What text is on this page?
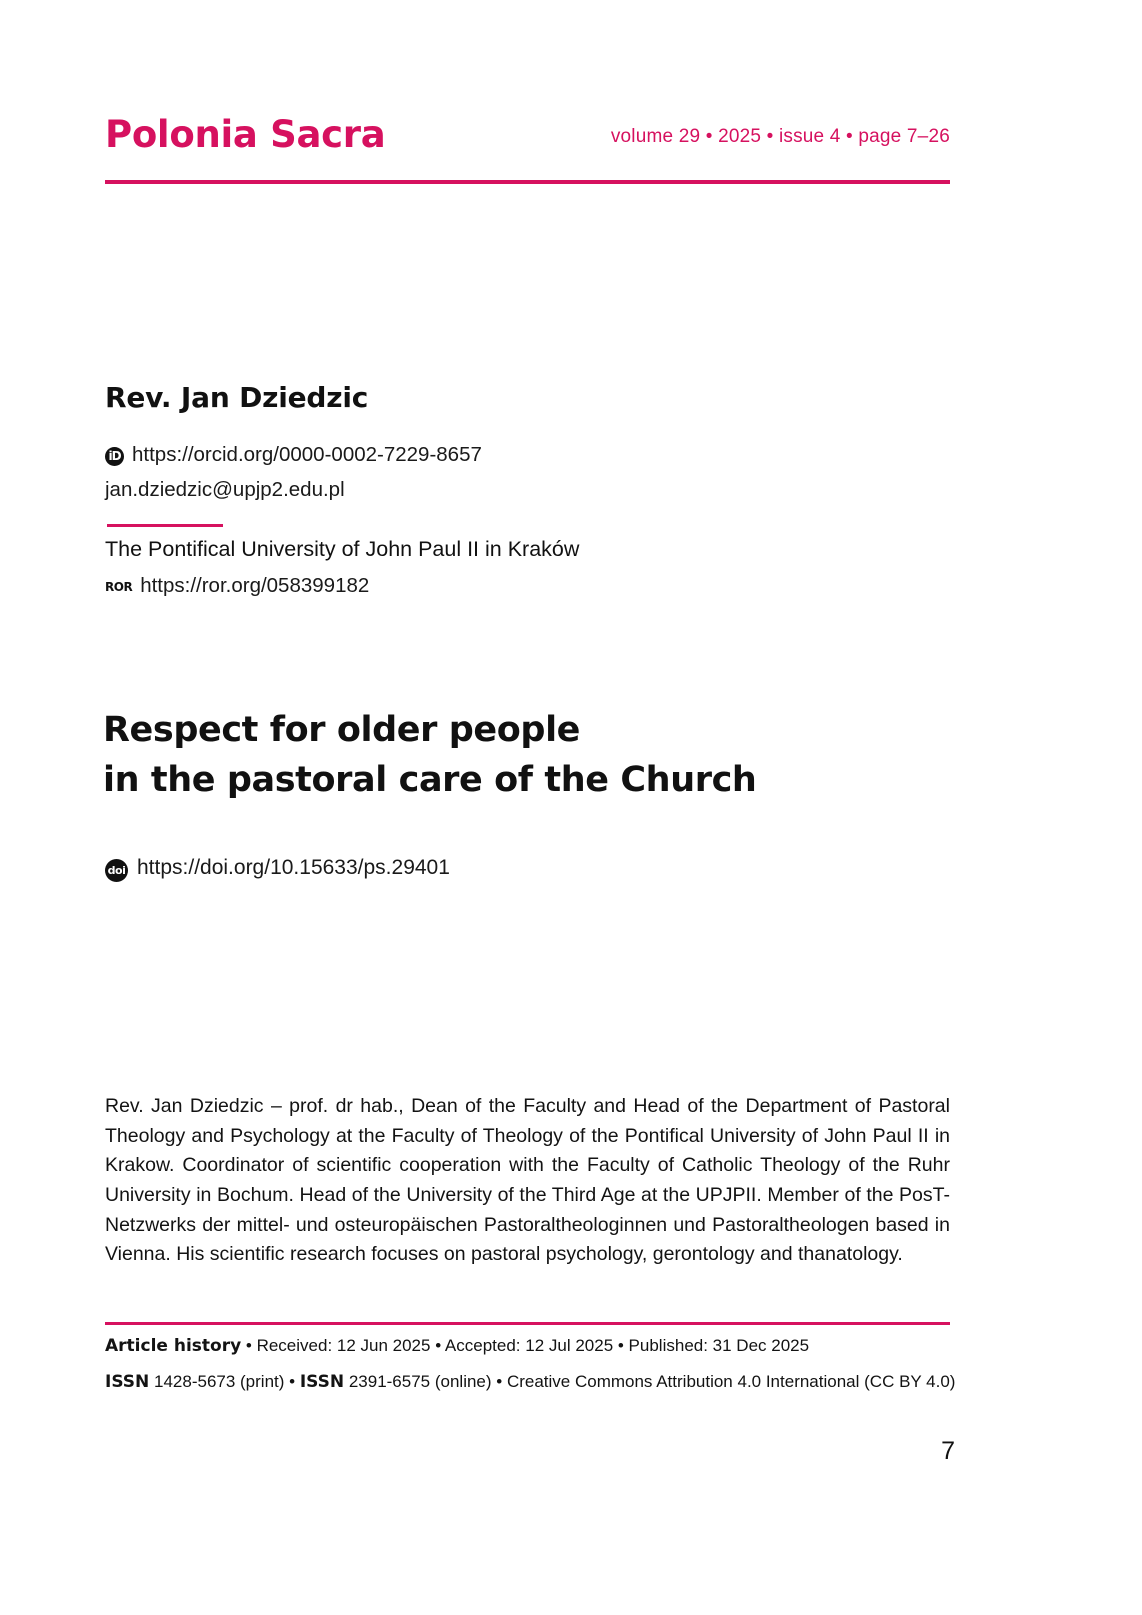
Polonia Sacra	volume 29 • 2025 • issue 4 • page 7–26
Rev. Jan Dziedzic
iD https://orcid.org/0000-0002-7229-8657
jan.dziedzic@upjp2.edu.pl
The Pontifical University of John Paul II in Kraków
ROR https://ror.org/058399182
Respect for older people
in the pastoral care of the Church
doi https://doi.org/10.15633/ps.29401
Rev. Jan Dziedzic – prof. dr hab., Dean of the Faculty and Head of the Department of Pastoral Theology and Psychology at the Faculty of Theology of the Pontifical University of John Paul II in Krakow. Coordinator of scientific cooperation with the Faculty of Catholic Theology of the Ruhr University in Bochum. Head of the University of the Third Age at the UPJPII. Member of the PosT-Netzwerks der mittel- und osteuropäischen Pastoraltheologinnen und Pastoraltheologen based in Vienna. His scientific research focuses on pastoral psychology, gerontology and thanatology.
Article history • Received: 12 Jun 2025 • Accepted: 12 Jul 2025 • Published: 31 Dec 2025
ISSN 1428-5673 (print) • ISSN 2391-6575 (online) • Creative Commons Attribution 4.0 International (CC BY 4.0)
7
